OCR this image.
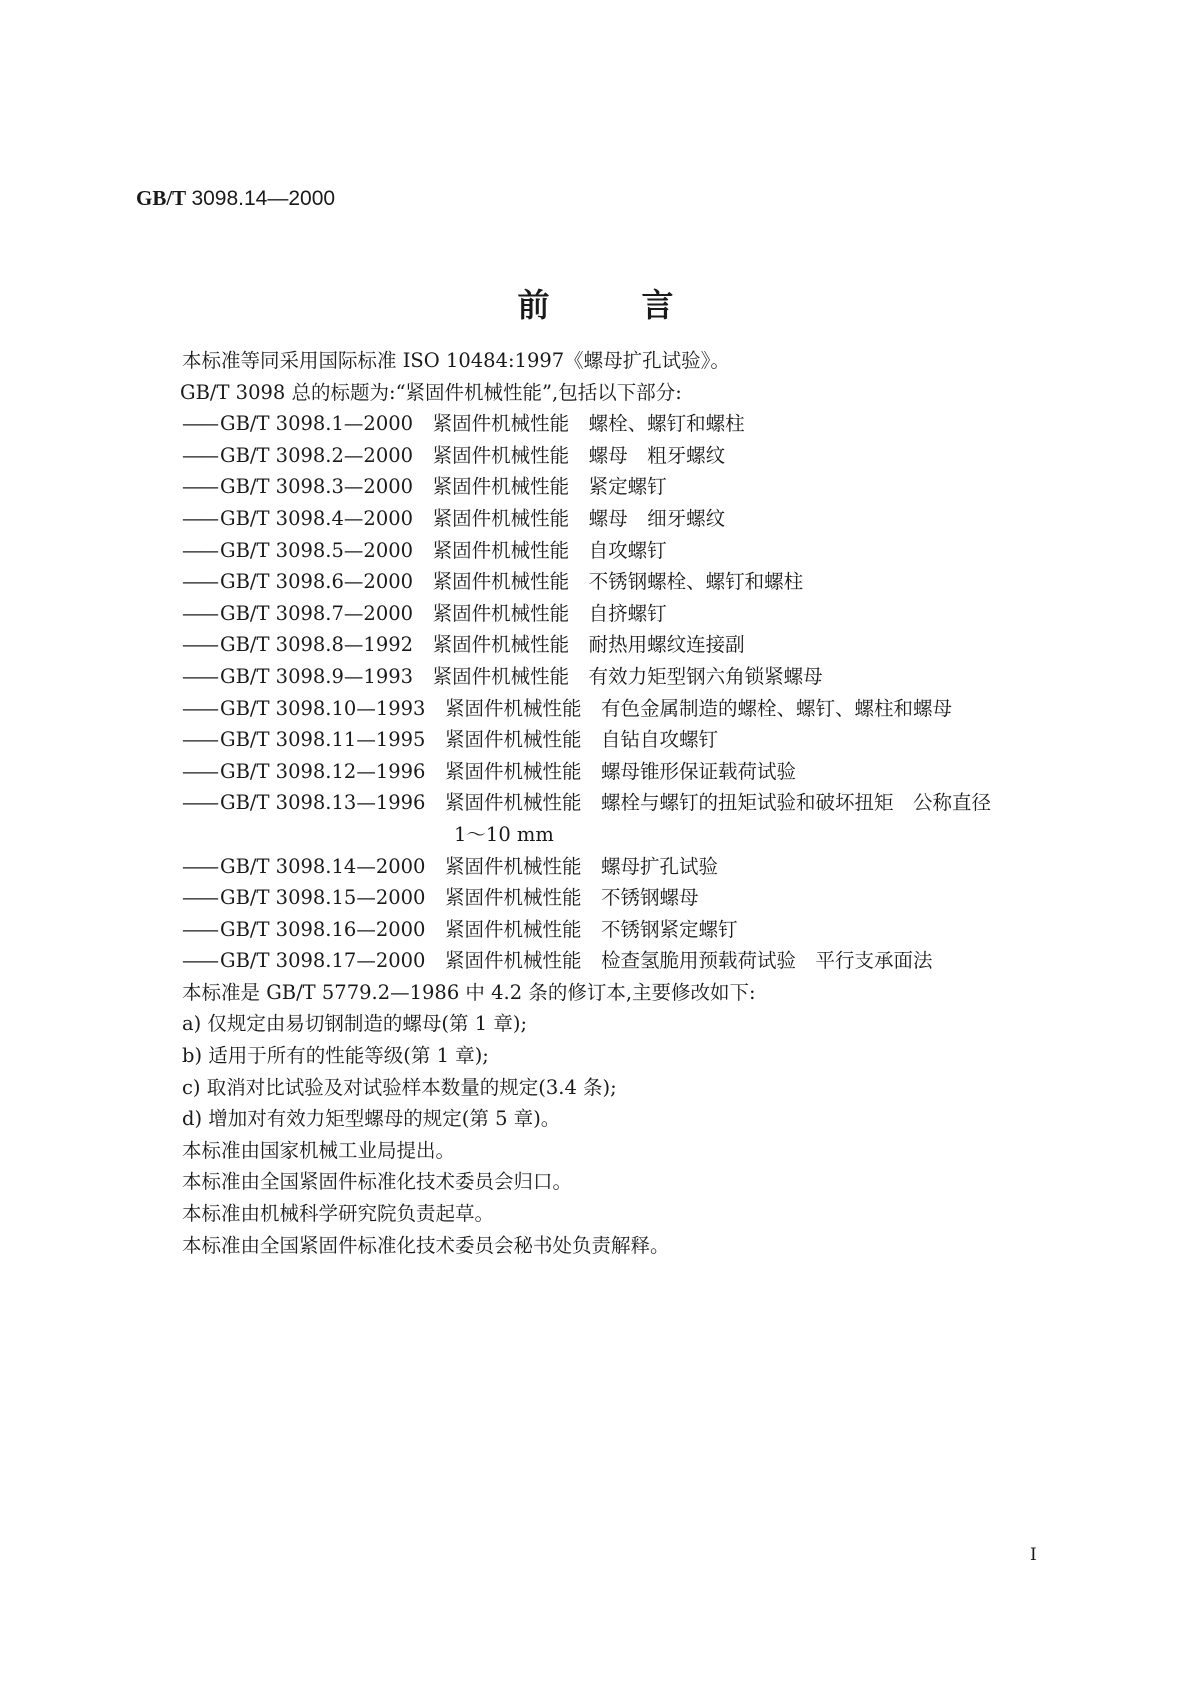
GB/T 3098.14—2000
前言
本标准等同采用国际标准 ISO 10484:1997《螺母扩孔试验》。
GB/T 3098 总的标题为:“紧固件机械性能”,包括以下部分:
—— GB/T 3098.1—2000　 紧固件机械性能　螺栓、螺钉和螺柱
—— GB/T 3098.2—2000　 紧固件机械性能　螺母　粗牙螺纹
—— GB/T 3098.3—2000　 紧固件机械性能　紧定螺钉
—— GB/T 3098.4—2000　 紧固件机械性能　螺母　细牙螺纹
—— GB/T 3098.5—2000　 紧固件机械性能　自攻螺钉
—— GB/T 3098.6—2000　 紧固件机械性能　不锈钢螺栓、螺钉和螺柱
—— GB/T 3098.7—2000　 紧固件机械性能　自挤螺钉
—— GB/T 3098.8—1992　 紧固件机械性能　耐热用螺纹连接副
—— GB/T 3098.9—1993　 紧固件机械性能　有效力矩型钢六角锁紧螺母
—— GB/T 3098.10—1993　 紧固件机械性能　有色金属制造的螺栓、螺钉、螺柱和螺母
—— GB/T 3098.11—1995　 紧固件机械性能　自钻自攻螺钉
—— GB/T 3098.12—1996　 紧固件机械性能　螺母锥形保证载荷试验
—— GB/T 3098.13—1996　 紧固件机械性能　螺栓与螺钉的扭矩试验和破坏扭矩　公称直径
1～10 mm
—— GB/T 3098.14—2000　 紧固件机械性能　螺母扩孔试验
—— GB/T 3098.15—2000　 紧固件机械性能　不锈钢螺母
—— GB/T 3098.16—2000　 紧固件机械性能　不锈钢紧定螺钉
—— GB/T 3098.17—2000　 紧固件机械性能　检查氢脆用预载荷试验　平行支承面法
本标准是 GB/T 5779.2—1986 中 4.2 条的修订本,主要修改如下:
a) 仅规定由易切钢制造的螺母(第 1 章);
b) 适用于所有的性能等级(第 1 章);
c) 取消对比试验及对试验样本数量的规定(3.4 条);
d) 增加对有效力矩型螺母的规定(第 5 章)。
本标准由国家机械工业局提出。
本标准由全国紧固件标准化技术委员会归口。
本标准由机械科学研究院负责起草。
本标准由全国紧固件标准化技术委员会秘书处负责解释。
I
